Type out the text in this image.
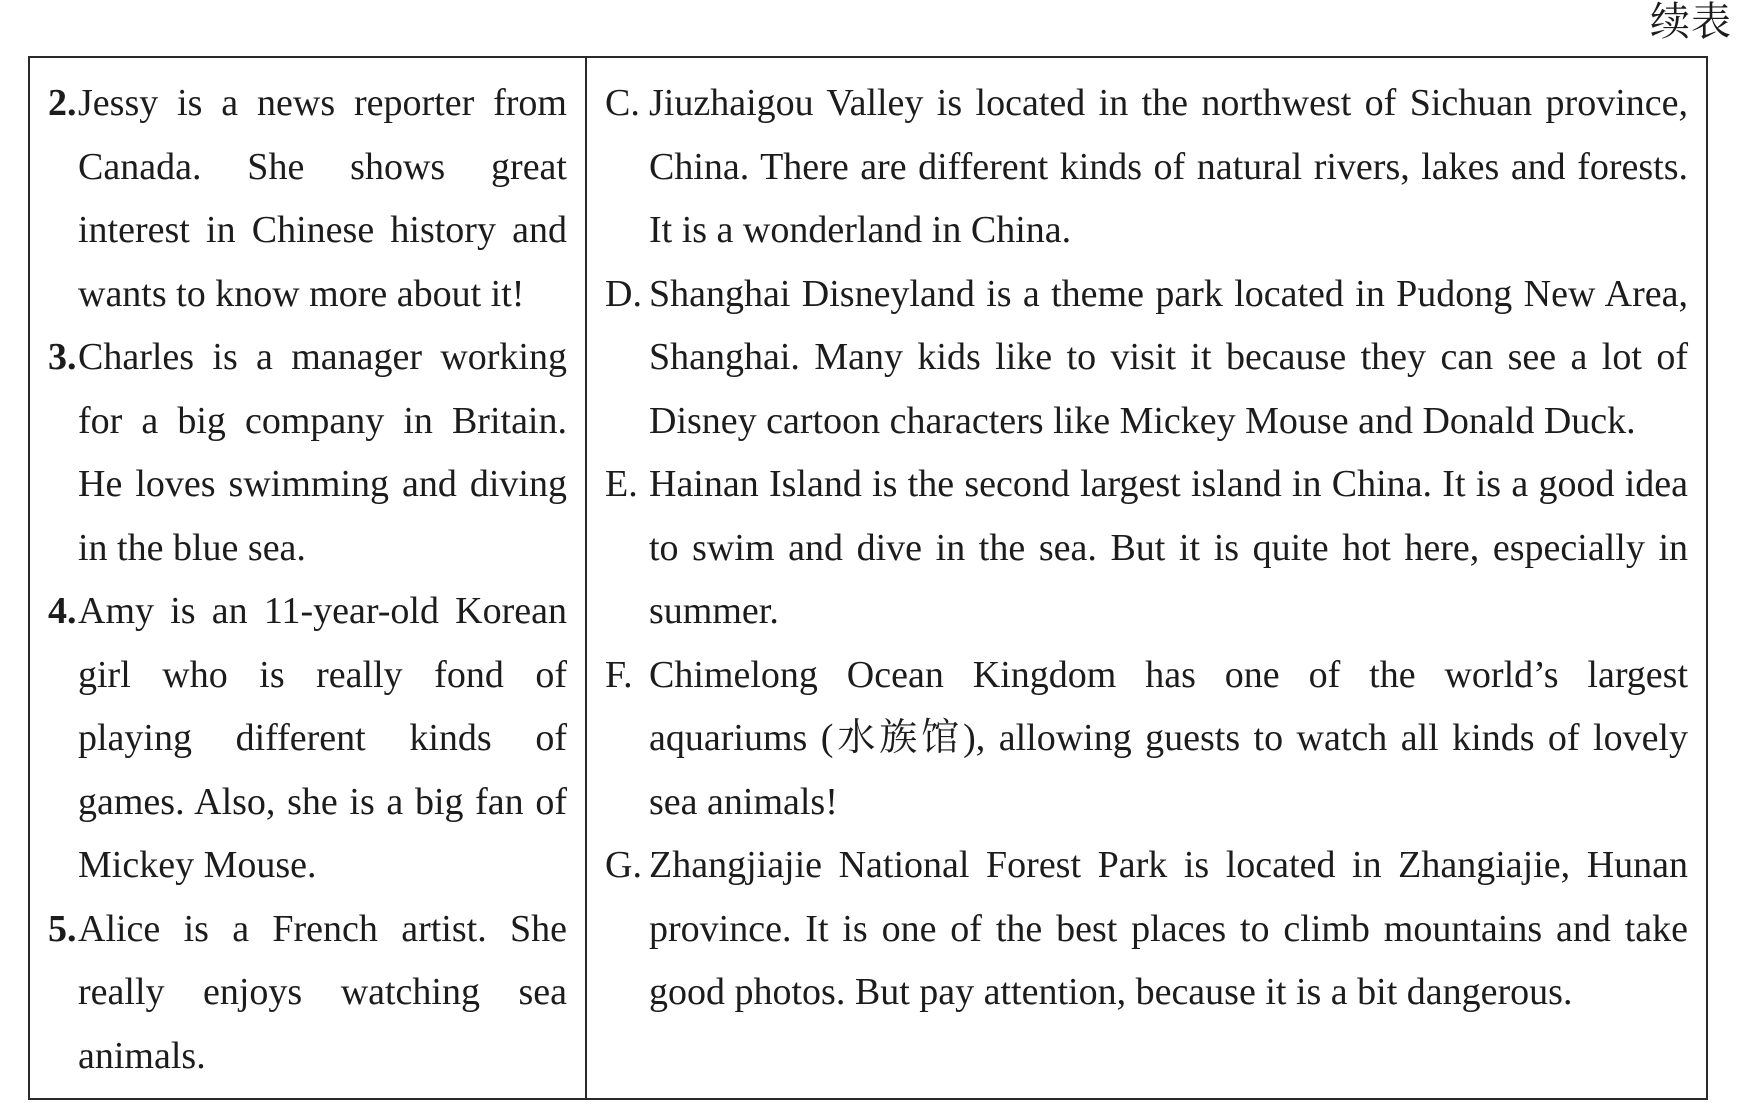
续表
2. Jessy is a news reporter from Canada. She shows great interest in Chinese history and wants to know more about it!
3. Charles is a manager working for a big company in Britain. He loves swimming and diving in the blue sea.
4. Amy is an 11-year-old Korean girl who is really fond of playing different kinds of games. Also, she is a big fan of Mickey Mouse.
5. Alice is a French artist. She really enjoys watching sea animals.
C. Jiuzhaigou Valley is located in the northwest of Sichuan province, China. There are different kinds of natural rivers, lakes and forests. It is a wonderland in China.
D. Shanghai Disneyland is a theme park located in Pudong New Area, Shanghai. Many kids like to visit it because they can see a lot of Disney cartoon characters like Mickey Mouse and Donald Duck.
E. Hainan Island is the second largest island in China. It is a good idea to swim and dive in the sea. But it is quite hot here, especially in summer.
F. Chimelong Ocean Kingdom has one of the world’s largest aquariums (水族馆), allowing guests to watch all kinds of lovely sea animals!
G. Zhangjiajie National Forest Park is located in Zhangiajie, Hunan province. It is one of the best places to climb mountains and take good photos. But pay attention, because it is a bit dangerous.
